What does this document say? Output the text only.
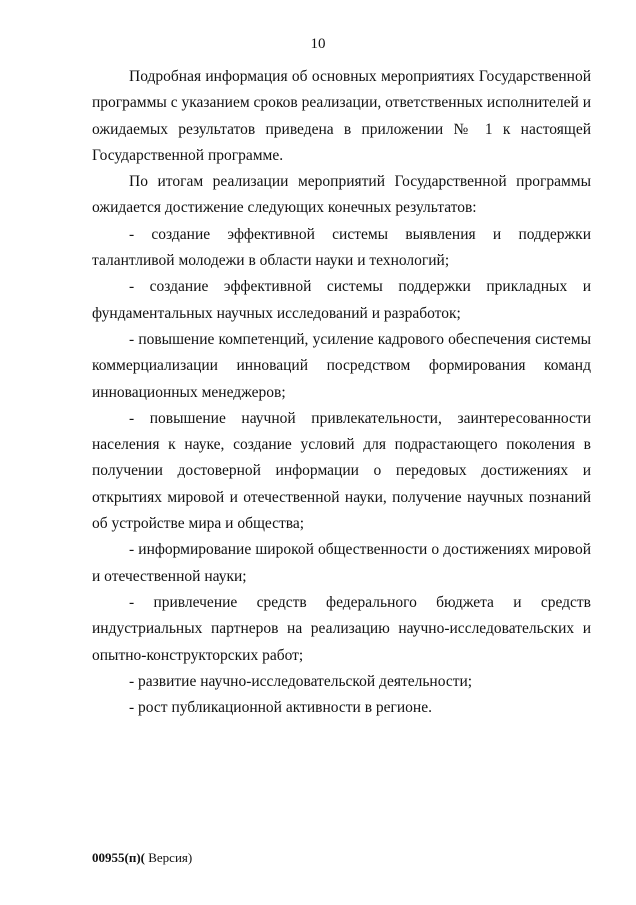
10

Подробная информация об основных мероприятиях Государственной программы с указанием сроков реализации, ответственных исполнителей и ожидаемых результатов приведена в приложении № 1 к настоящей Государственной программе.

По итогам реализации мероприятий Государственной программы ожидается достижение следующих конечных результатов:

- создание эффективной системы выявления и поддержки талантливой молодежи в области науки и технологий;

- создание эффективной системы поддержки прикладных и фундаментальных научных исследований и разработок;

- повышение компетенций, усиление кадрового обеспечения системы коммерциализации инноваций посредством формирования команд инновационных менеджеров;

- повышение научной привлекательности, заинтересованности населения к науке, создание условий для подрастающего поколения в получении достоверной информации о передовых достижениях и открытиях мировой и отечественной науки, получение научных познаний об устройстве мира и общества;

- информирование широкой общественности о достижениях мировой и отечественной науки;

- привлечение средств федерального бюджета и средств индустриальных партнеров на реализацию научно-исследовательских и опытно-конструкторских работ;

- развитие научно-исследовательской деятельности;

- рост публикационной активности в регионе.

00955(п)( Версия)
